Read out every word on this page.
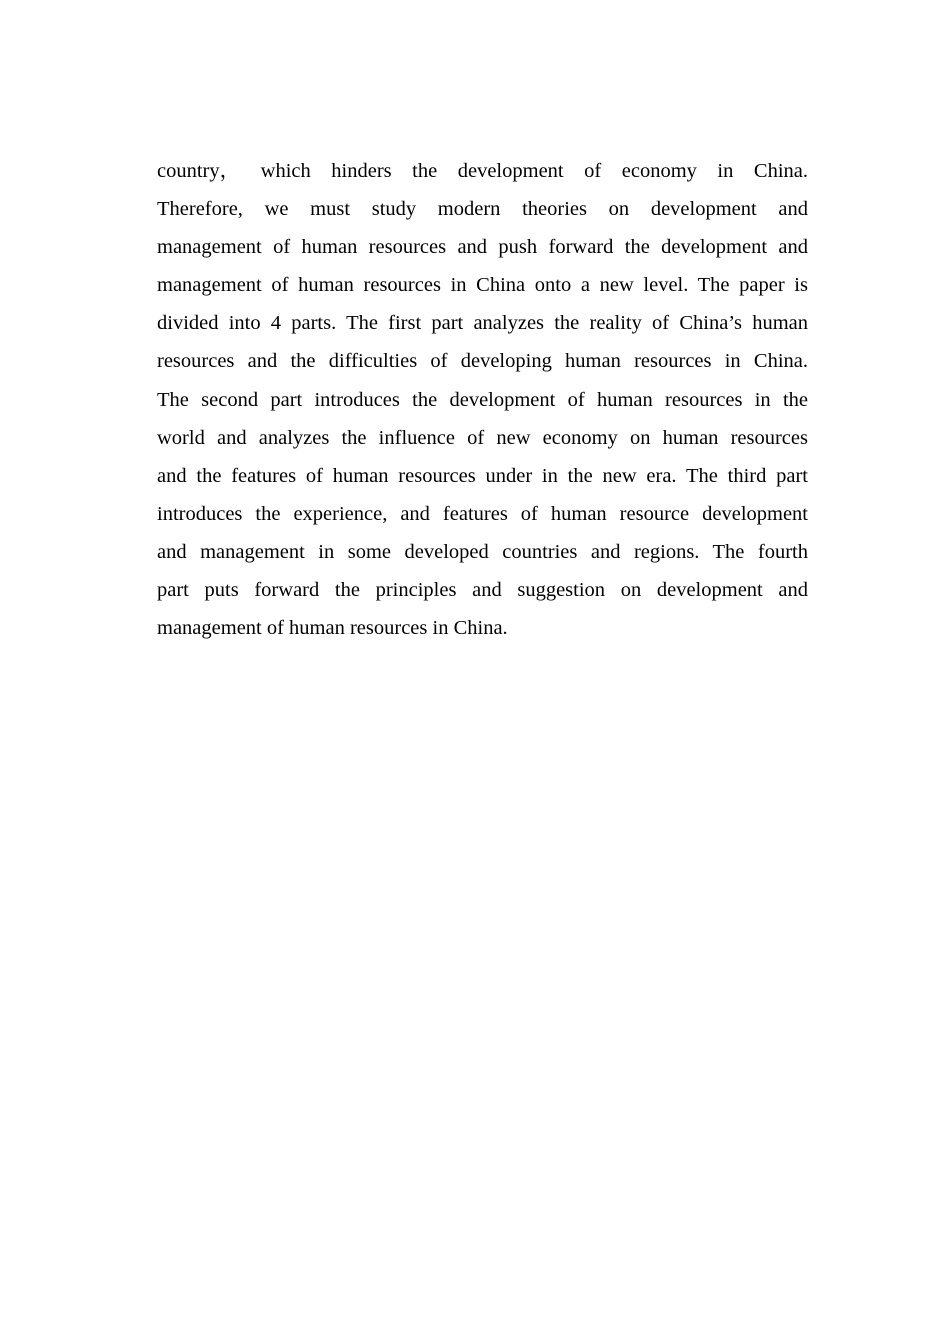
country， which hinders the development of economy in China.
Therefore, we must study modern theories on development and
management of human resources and push forward the development and
management of human resources in China onto a new level. The paper is
divided into 4 parts. The first part analyzes the reality of China’s human
resources and the difficulties of developing human resources in China.
The second part introduces the development of human resources in the
world and analyzes the influence of new economy on human resources
and the features of human resources under in the new era. The third part
introduces the experience, and features of human resource development
and management in some developed countries and regions. The fourth
part puts forward the principles and suggestion on development and
management of human resources in China.
